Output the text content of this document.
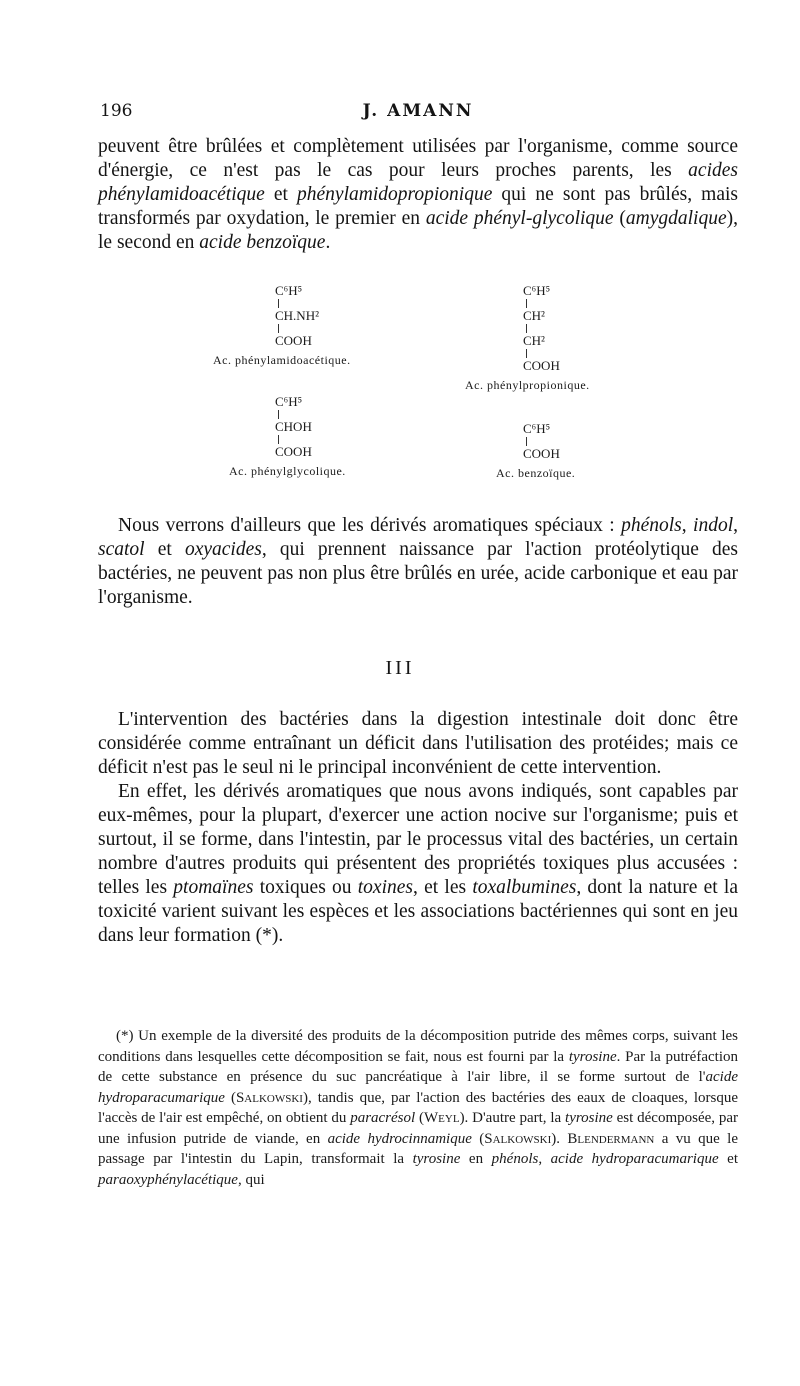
196	J. AMANN
peuvent être brûlées et complètement utilisées par l'organisme, comme source d'énergie, ce n'est pas le cas pour leurs proches parents, les acides phénylamidoacétique et phénylamidopropionique qui ne sont pas brûlés, mais transformés par oxydation, le premier en acide phényl-glycolique (amygdalique), le second en acide benzoïque.
C⁶H⁵
CH.NH²
COOH
Ac. phénylamidoacétique.
C⁶H⁵
CHOH
COOH
Ac. phénylglycolique.
C⁶H⁵
CH²
CH²
COOH
Ac. phénylpropionique.
C⁶H⁵
COOH
Ac. benzoïque.
Nous verrons d'ailleurs que les dérivés aromatiques spéciaux : phénols, indol, scatol et oxyacides, qui prennent naissance par l'action protéolytique des bactéries, ne peuvent pas non plus être brûlés en urée, acide carbonique et eau par l'organisme.
III
L'intervention des bactéries dans la digestion intestinale doit donc être considérée comme entraînant un déficit dans l'utilisation des protéides; mais ce déficit n'est pas le seul ni le principal inconvénient de cette intervention.
En effet, les dérivés aromatiques que nous avons indiqués, sont capables par eux-mêmes, pour la plupart, d'exercer une action nocive sur l'organisme; puis et surtout, il se forme, dans l'intestin, par le processus vital des bactéries, un certain nombre d'autres produits qui présentent des propriétés toxiques plus accusées : telles les ptomaïnes toxiques ou toxines, et les toxalbumines, dont la nature et la toxicité varient suivant les espèces et les associations bactériennes qui sont en jeu dans leur formation (*).
(*) Un exemple de la diversité des produits de la décomposition putride des mêmes corps, suivant les conditions dans lesquelles cette décomposition se fait, nous est fourni par la tyrosine. Par la putréfaction de cette substance en présence du suc pancréatique à l'air libre, il se forme surtout de l'acide hydroparacumarique (Salkowski), tandis que, par l'action des bactéries des eaux de cloaques, lorsque l'accès de l'air est empêché, on obtient du paracrésol (Weyl). D'autre part, la tyrosine est décomposée, par une infusion putride de viande, en acide hydrocinnamique (Salkowski). Blendermann a vu que le passage par l'intestin du Lapin, transformait la tyrosine en phénols, acide hydroparacumarique et paraoxyphénylacétique, qui
